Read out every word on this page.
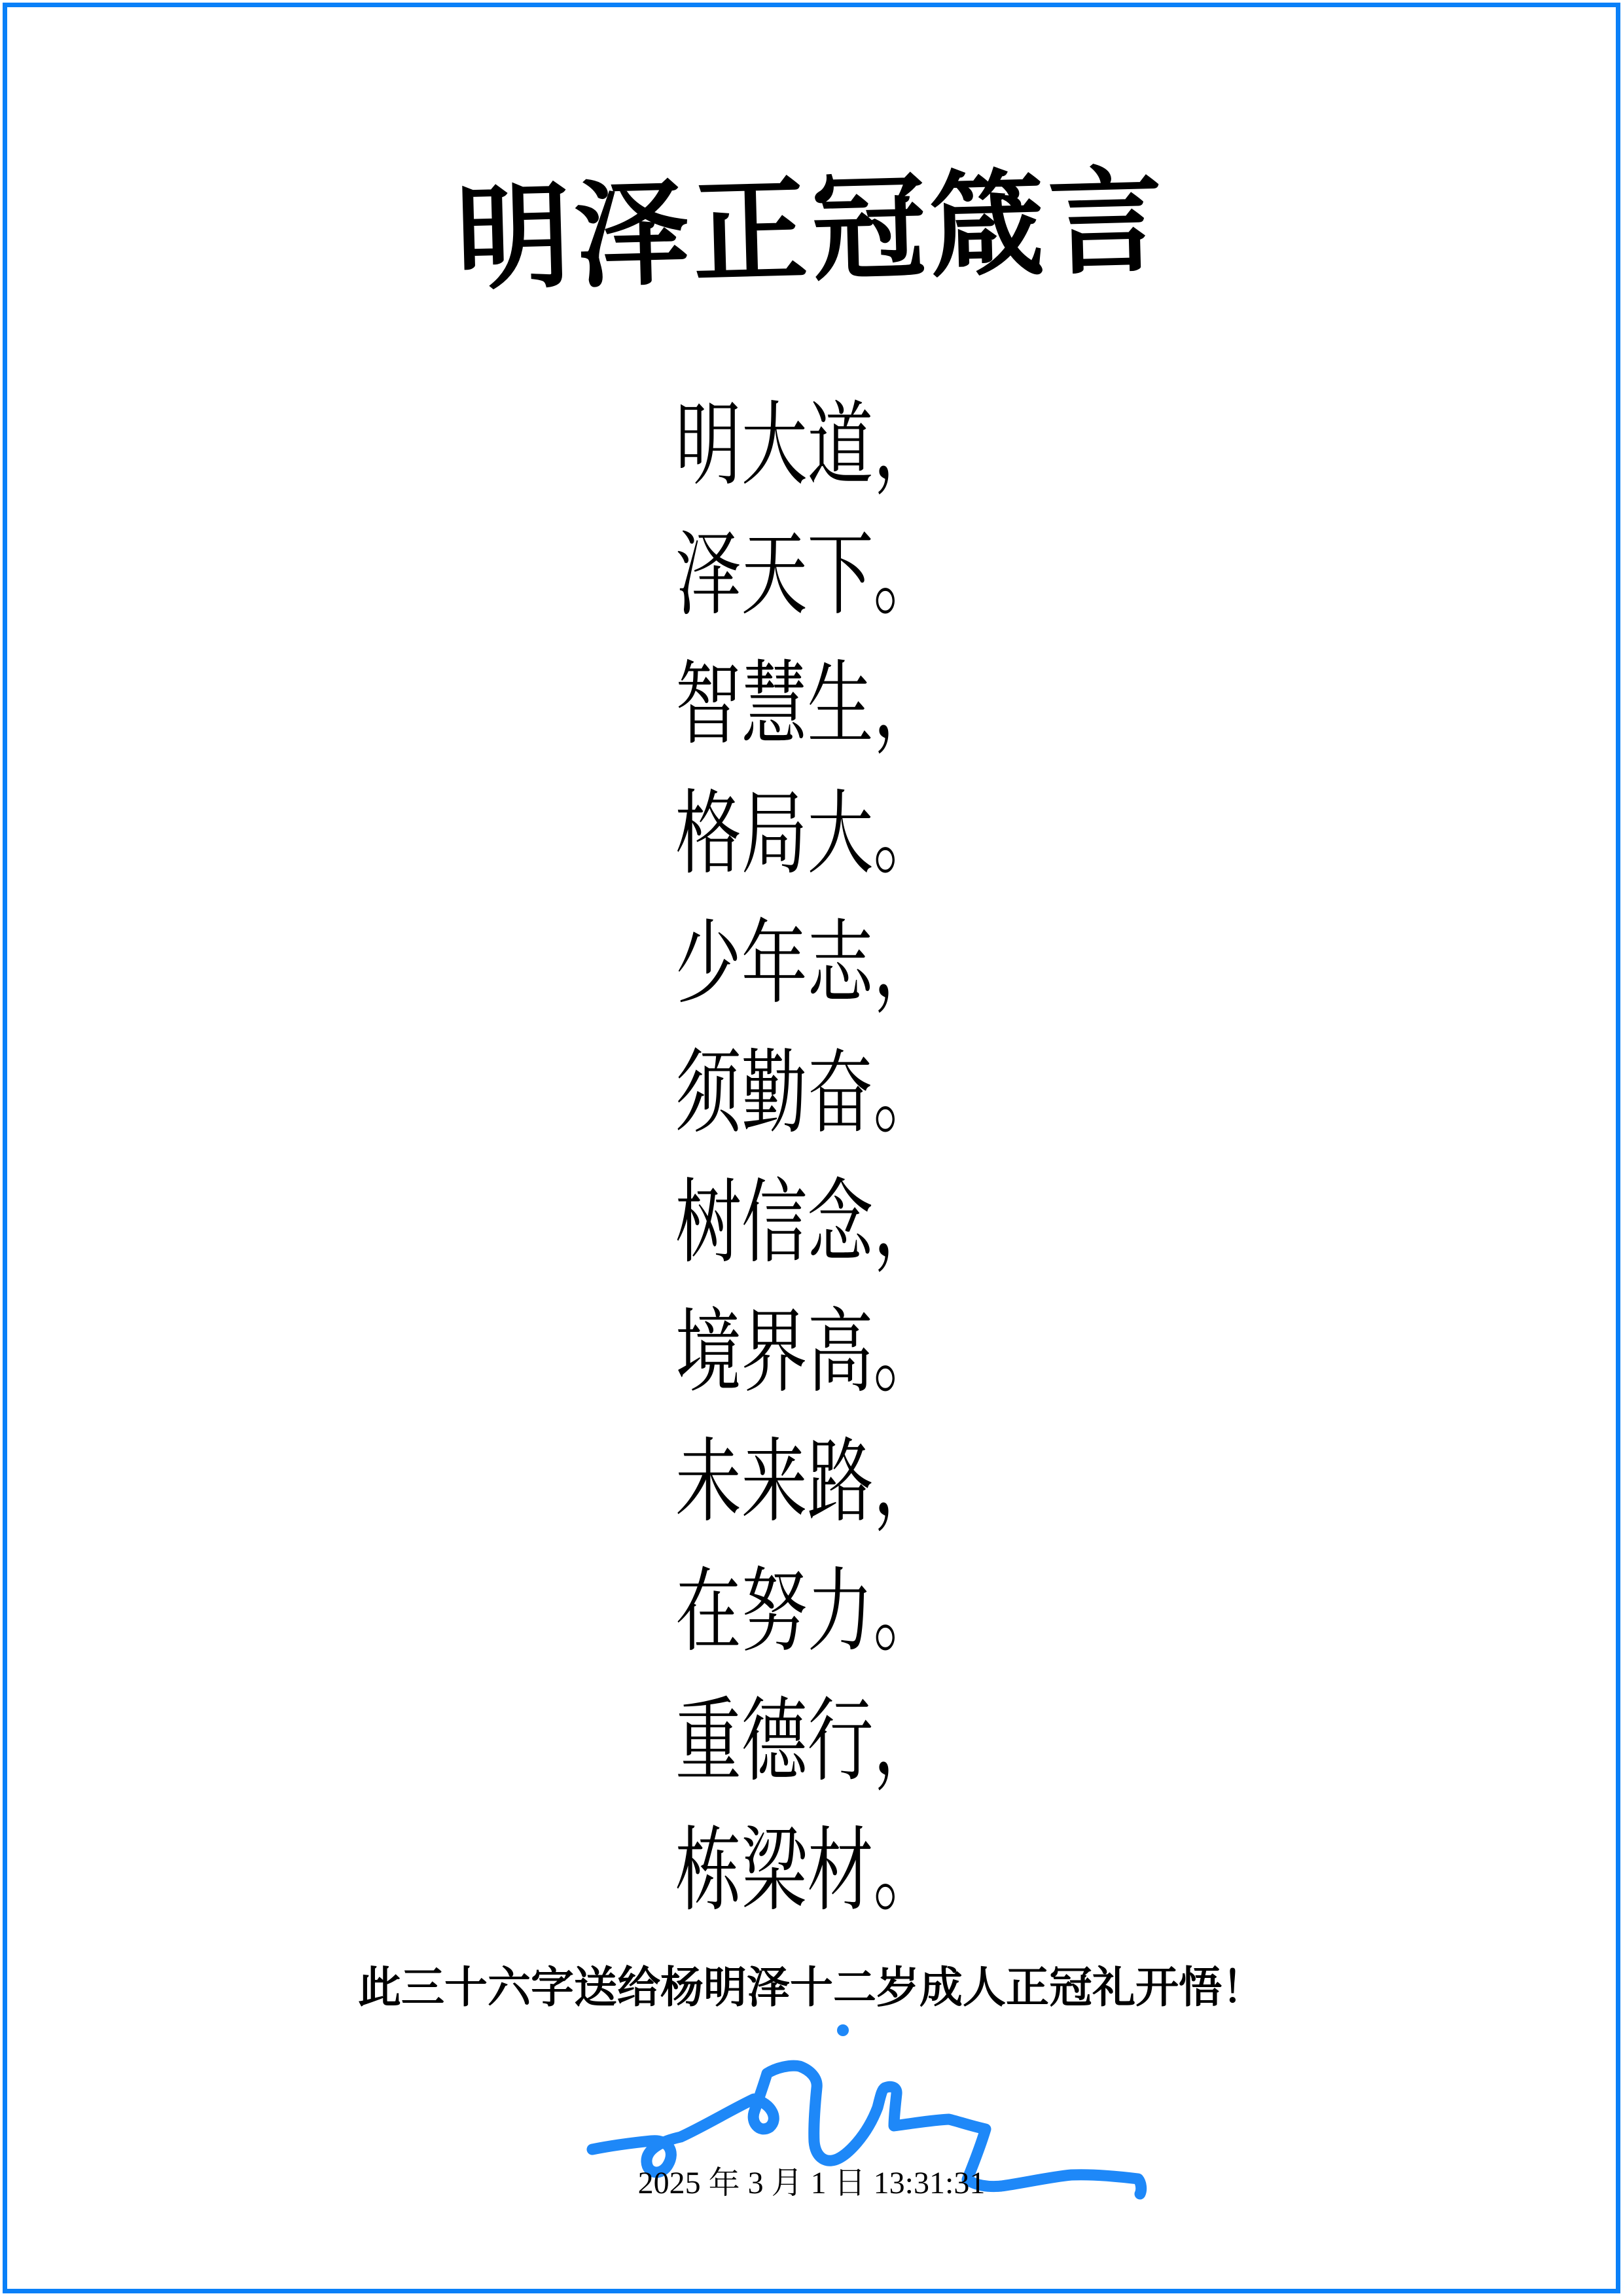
明泽正冠箴言
明大道，
泽天下。
智慧生，
格局大。
少年志，
须勤奋。
树信念，
境界高。
未来路，
在努力。
重德行，
栋梁材。
此三十六字送给杨明泽十二岁成人正冠礼开悟！
2025 年 3 月 1 日 13:31:31
